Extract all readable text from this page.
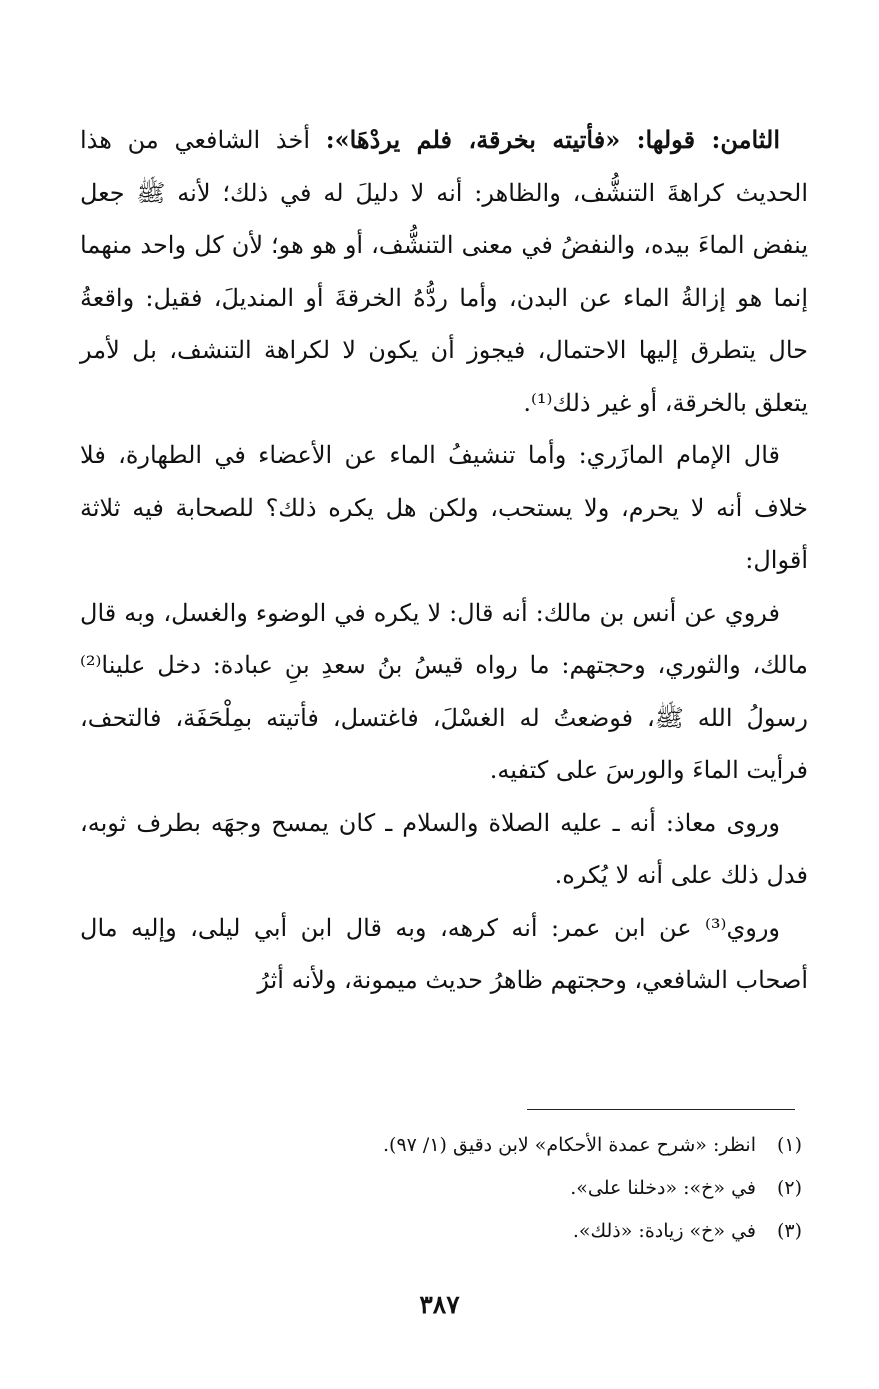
الثامن: قولها: «فأتيته بخرقة، فلم يردْهَا»: أخذ الشافعي من هذا الحديث كراهةَ التنشُّف، والظاهر: أنه لا دليلَ له في ذلك؛ لأنه ﷺ جعل ينفض الماءَ بيده، والنفضُ في معنى التنشُّف، أو هو هو؛ لأن كل واحد منهما إنما هو إزالةُ الماء عن البدن، وأما ردُّهُ الخرقةَ أو المنديلَ، فقيل: واقعةُ حال يتطرق إليها الاحتمال، فيجوز أن يكون لا لكراهة التنشف، بل لأمر يتعلق بالخرقة، أو غير ذلك⁽¹⁾.

قال الإمام المازَري: وأما تنشيفُ الماء عن الأعضاء في الطهارة، فلا خلاف أنه لا يحرم، ولا يستحب، ولكن هل يكره ذلك؟ للصحابة فيه ثلاثة أقوال:

فروي عن أنس بن مالك: أنه قال: لا يكره في الوضوء والغسل، وبه قال مالك، والثوري، وحجتهم: ما رواه قيسُ بنُ سعدِ بنِ عبادة: دخل علينا⁽²⁾ رسولُ الله ﷺ، فوضعتُ له الغسْلَ، فاغتسل، فأتيته بمِلْحَفَة، فالتحف، فرأيت الماءَ والورسَ على كتفيه.

وروى معاذ: أنه ـ عليه الصلاة والسلام ـ كان يمسح وجهَه بطرف ثوبه، فدل ذلك على أنه لا يُكره.

وروي⁽³⁾ عن ابن عمر: أنه كرهه، وبه قال ابن أبي ليلى، وإليه مال أصحاب الشافعي، وحجتهم ظاهرُ حديث ميمونة، ولأنه أثرُ

(١)انظر: «شرح عمدة الأحكام» لابن دقيق (١/ ٩٧).
(٢)في «خ»: «دخلنا على».
(٣)في «خ» زيادة: «ذلك».
٣٨٧
